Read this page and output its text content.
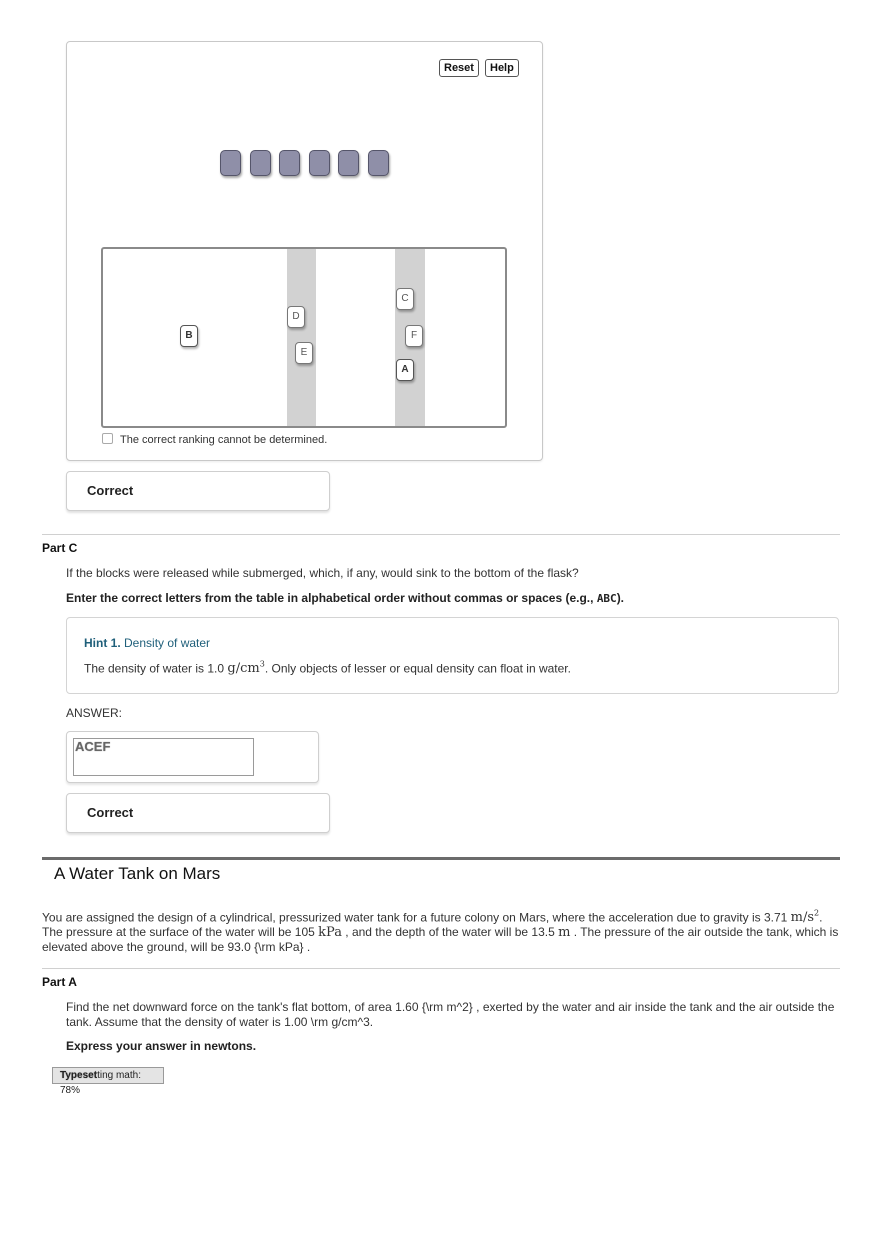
Reset	Help
B
D
E
C
F
A
The correct ranking cannot be determined.
Correct
Part C
If the blocks were released while submerged, which, if any, would sink to the bottom of the flask?
Enter the correct letters from the table in alphabetical order without commas or spaces (e.g., ABC).
Hint 1. Density of water
The density of water is 1.0 $g/cm^3$. Only objects of lesser or equal density can float in water.
ANSWER:
ACEF
Correct
A Water Tank on Mars
You are assigned the design of a cylindrical, pressurized water tank for a future colony on Mars, where the acceleration due to gravity is 3.71 $m/s^2$.
The pressure at the surface of the water will be 105 kPa , and the depth of the water will be 13.5 m . The pressure of the air outside the tank, which is
elevated above the ground, will be 93.0 {\rm kPa} .
Part A
Find the net downward force on the tank's flat bottom, of area 1.60 {\rm m^2} , exerted by the water and air inside the tank and the air outside the
tank. Assume that the density of water is 1.00 \rm g/cm^3.
Express your answer in newtons.
Typesetting math: 78%
